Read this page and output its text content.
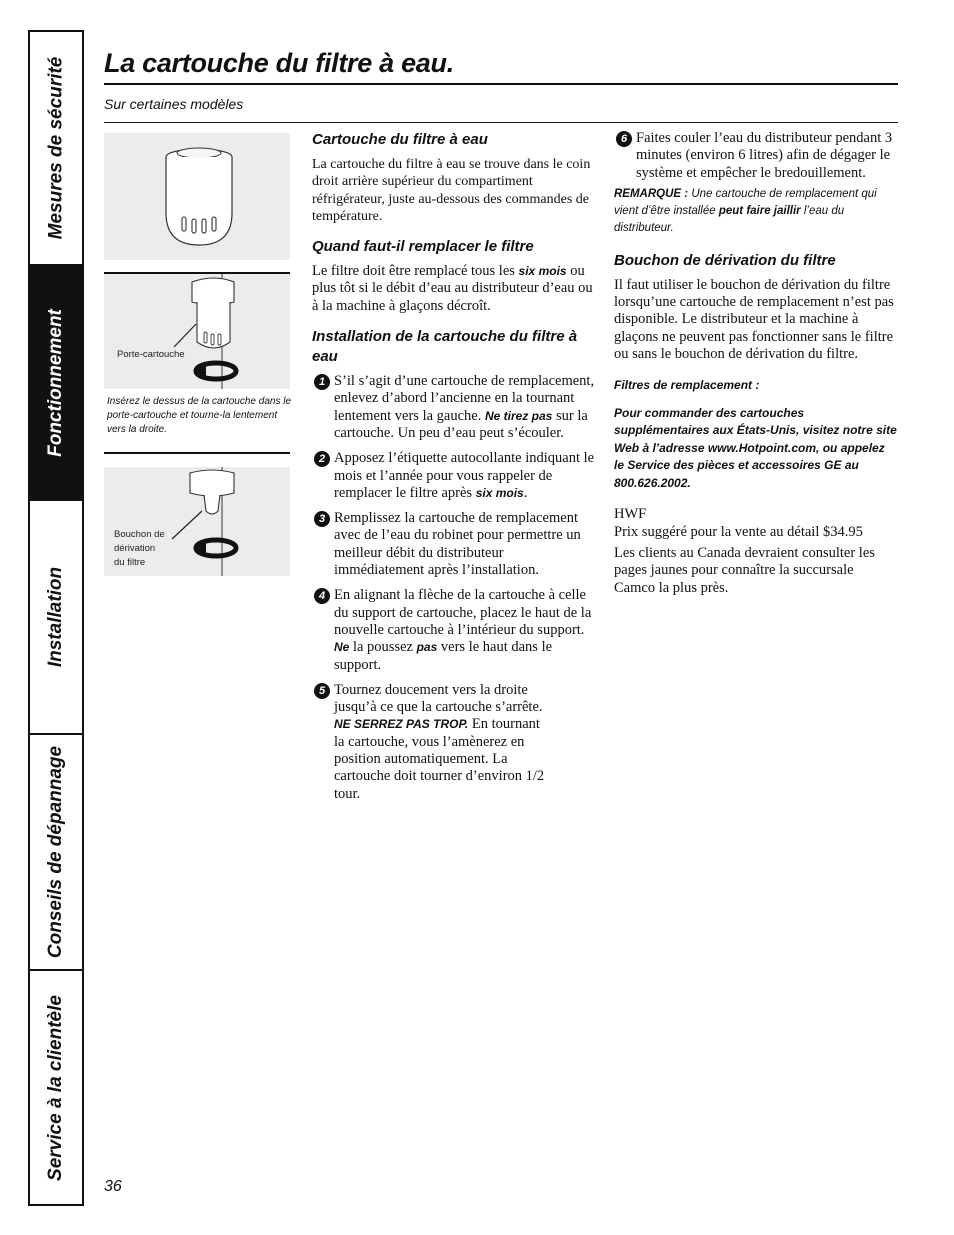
Mesures de sécurité
Fonctionnement
Installation
Conseils de dépannage
Service à la clientèle
La cartouche du filtre à eau.
Sur certaines modèles
Porte-cartouche
Insérez le dessus de la cartouche dans le porte-cartouche et tourne-la lentement vers la droite.
Bouchon de
dérivation
du filtre
Cartouche du filtre à eau

La cartouche du filtre à eau se trouve dans le coin droit arrière supérieur du compartiment réfrigérateur, juste au-dessous des commandes de température.

Quand faut-il remplacer le filtre

Le filtre doit être remplacé tous les six mois ou plus tôt si le débit d’eau au distributeur d’eau ou à la machine à glaçons décroît.

Installation de la cartouche du filtre à eau
1 S’il s’agit d’une cartouche de remplacement, enlevez d’abord l’ancienne en la tournant lentement vers la gauche. Ne tirez pas sur la cartouche. Un peu d’eau peut s’écouler.
2 Apposez l’étiquette autocollante indiquant le mois et l’année pour vous rappeler de remplacer le filtre après six mois.
3 Remplissez la cartouche de remplacement avec de l’eau du robinet pour permettre un meilleur débit du distributeur immédiatement après l’installation.
4 En alignant la flèche de la cartouche à celle du support de cartouche, placez le haut de la nouvelle cartouche à l’intérieur du support. Ne la poussez pas vers le haut dans le support.
5 Tournez doucement vers la droite jusqu’à ce que la cartouche s’arrête. NE SERREZ PAS TROP. En tournant la cartouche, vous l’amènerez en position automatiquement. La cartouche doit tourner d’environ 1/2 tour.
6 Faites couler l’eau du distributeur pendant 3 minutes (environ 6 litres) afin de dégager le système et empêcher le bredouillement.

REMARQUE : Une cartouche de remplacement qui vient d’être installée peut faire jaillir l’eau du distributeur.

Bouchon de dérivation du filtre

Il faut utiliser le bouchon de dérivation du filtre lorsqu’une cartouche de remplacement n’est pas disponible. Le distributeur et la machine à glaçons ne peuvent pas fonctionner sans le filtre ou sans le bouchon de dérivation du filtre.

Filtres de remplacement :

Pour commander des cartouches supplémentaires aux États-Unis, visitez notre site Web à l’adresse www.Hotpoint.com, ou appelez le Service des pièces et accessoires GE au 800.626.2002.

HWF

Prix suggéré pour la vente au détail $34.95

Les clients au Canada devraient consulter les pages jaunes pour connaître la succursale Camco la plus près.

36
